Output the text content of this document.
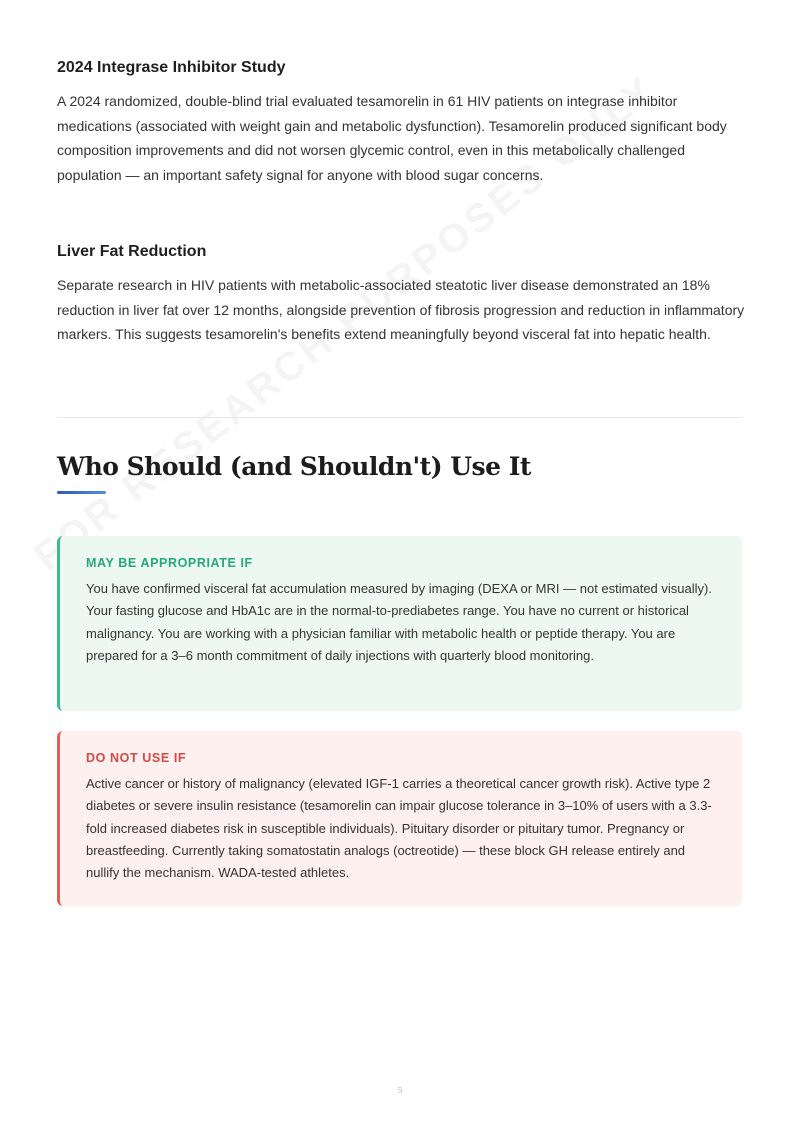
2024 Integrase Inhibitor Study

A 2024 randomized, double-blind trial evaluated tesamorelin in 61 HIV patients on integrase inhibitor medications (associated with weight gain and metabolic dysfunction). Tesamorelin produced significant body composition improvements and did not worsen glycemic control, even in this metabolically challenged population — an important safety signal for anyone with blood sugar concerns.

Liver Fat Reduction

Separate research in HIV patients with metabolic-associated steatotic liver disease demonstrated an 18% reduction in liver fat over 12 months, alongside prevention of fibrosis progression and reduction in inflammatory markers. This suggests tesamorelin's benefits extend meaningfully beyond visceral fat into hepatic health.

Who Should (and Shouldn't) Use It

MAY BE APPROPRIATE IF

You have confirmed visceral fat accumulation measured by imaging (DEXA or MRI — not estimated visually). Your fasting glucose and HbA1c are in the normal-to-prediabetes range. You have no current or historical malignancy. You are working with a physician familiar with metabolic health or peptide therapy. You are prepared for a 3–6 month commitment of daily injections with quarterly blood monitoring.

DO NOT USE IF

Active cancer or history of malignancy (elevated IGF-1 carries a theoretical cancer growth risk). Active type 2 diabetes or severe insulin resistance (tesamorelin can impair glucose tolerance in 3–10% of users with a 3.3-fold increased diabetes risk in susceptible individuals). Pituitary disorder or pituitary tumor. Pregnancy or breastfeeding. Currently taking somatostatin analogs (octreotide) — these block GH release entirely and nullify the mechanism. WADA-tested athletes.

5
